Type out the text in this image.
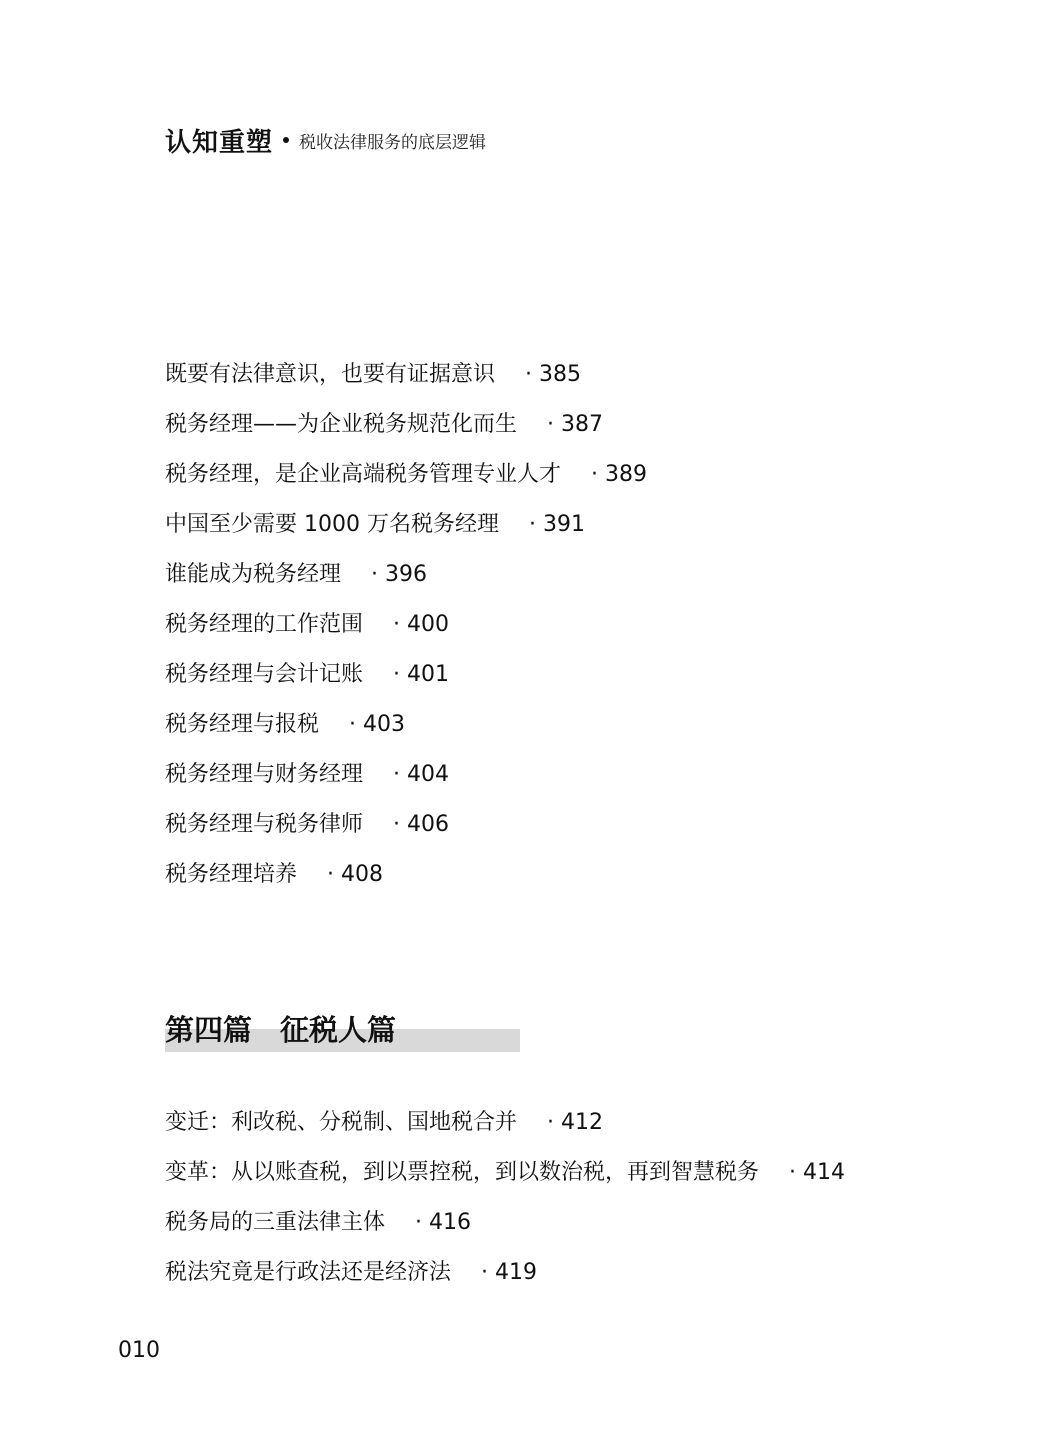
认知重塑 税收法律服务的底层逻辑
既要有法律意识，也要有证据意识 · 385
税务经理——为企业税务规范化而生 · 387
税务经理，是企业高端税务管理专业人才 · 389
中国至少需要 1000 万名税务经理 · 391
谁能成为税务经理 · 396
税务经理的工作范围 · 400
税务经理与会计记账 · 401
税务经理与报税 · 403
税务经理与财务经理 · 404
税务经理与税务律师 · 406
税务经理培养 · 408
第四篇 征税人篇
变迁：利改税、分税制、国地税合并 · 412
变革：从以账查税，到以票控税，到以数治税，再到智慧税务 · 414
税务局的三重法律主体 · 416
税法究竟是行政法还是经济法 · 419
010
